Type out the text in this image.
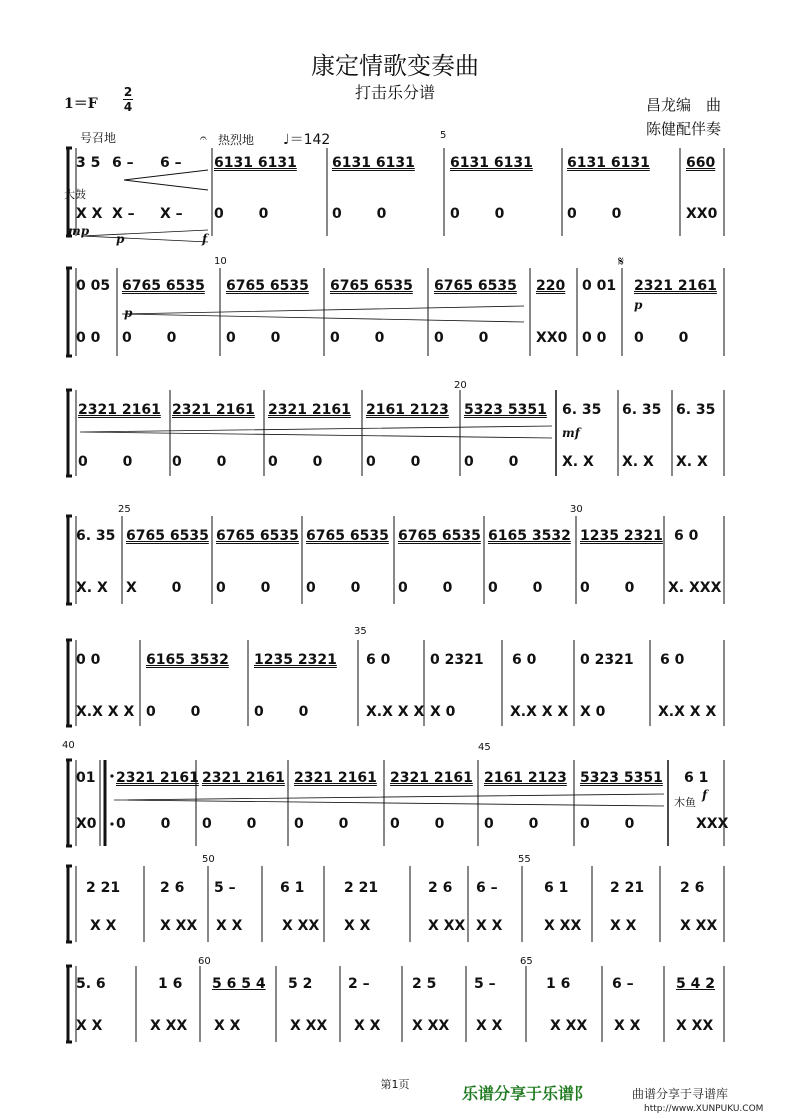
康定情歌变奏曲
打击乐分谱
1＝F
2
4	昌龙编　曲
陈健配伴奏
号召地	𝄐 热烈地 ♩＝142
3 5 6 – 6 – 6131 6131	6131 6131	6131 6131 6131 6131	660
大鼓
X X X – X – 0 0	0 0	0 0	0 0	XX0
mp
p	f
5
0 05 6765 6535 6765 6535 6765 6535 6765 6535 220 0 01 2321 2161
0 0 0 0	0 0	0 0	0 0	XX0 0 0 0 0
p
p
10	𝄋
2321 2161 2321 2161 2321 2161 2161 2123 5323 5351 6. 35 6. 35 6. 35
0 0	0 0	0 0	0 0	0 0	X. X X. X X. X
mf
20
6. 35 6765 6535 6765 6535 6765 6535 6765 6535 6165 3532 1235 2321 6 0
X. X X 0 0 0	0 0	0 0	0 0	0 0 X. XXX
25	30
0 0	6165 3532 1235 2321 6 0	0 2321 6 0	0 2321 6 0
X.X X X 0 0	0 0	X.X X X X 0	X.X X X X 0	X.X X X
35
01 2321 2161 2321 2161 2321 2161 2321 2161 2161 2123 5323 5351 6 1
X0 0 0 0 0	0 0	0 0	0 0	0 0	XXX
木鱼
f
40	45
2 21	2 6 5 –	6 1	2 21	2 6 6 –	6 1	2 21	2 6
X X	X XX X X	X XX X X	X XX X X	X XX X X	X XX
50	55
5. 6	1 6 5 6 5 4 5 2	2 –	2 5	5 –	1 6	6 –	5 4 2
X X	X XX X X	X XX X X X XX X X	X XX X X	X XX
60	65
第1页	乐谱分享于乐谱阝	曲谱分享于寻谱库
http://www.XUNPUKU.COM
